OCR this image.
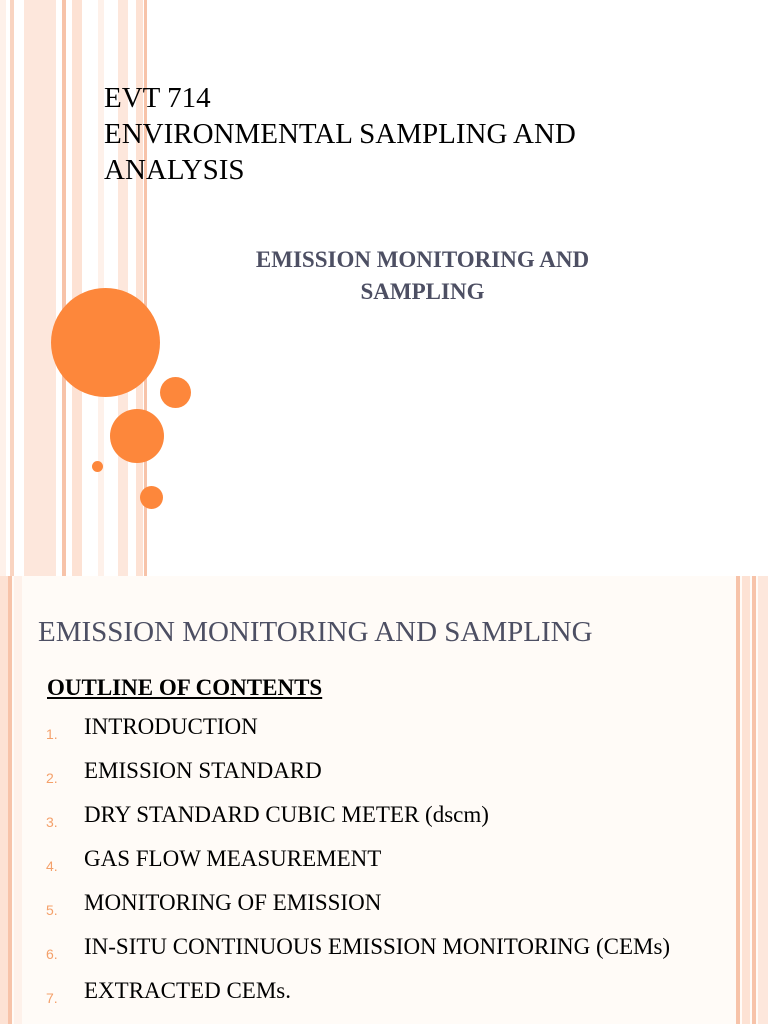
EVT 714
ENVIRONMENTAL SAMPLING AND
ANALYSIS
EMISSION MONITORING AND
SAMPLING
EMISSION MONITORING AND SAMPLING
OUTLINE OF CONTENTS
1.	INTRODUCTION
2.	EMISSION STANDARD
3.	DRY STANDARD CUBIC METER (dscm)
4.	GAS FLOW MEASUREMENT
5.	MONITORING OF EMISSION
6.	IN-SITU CONTINUOUS EMISSION MONITORING (CEMs)
7.	EXTRACTED CEMs.
